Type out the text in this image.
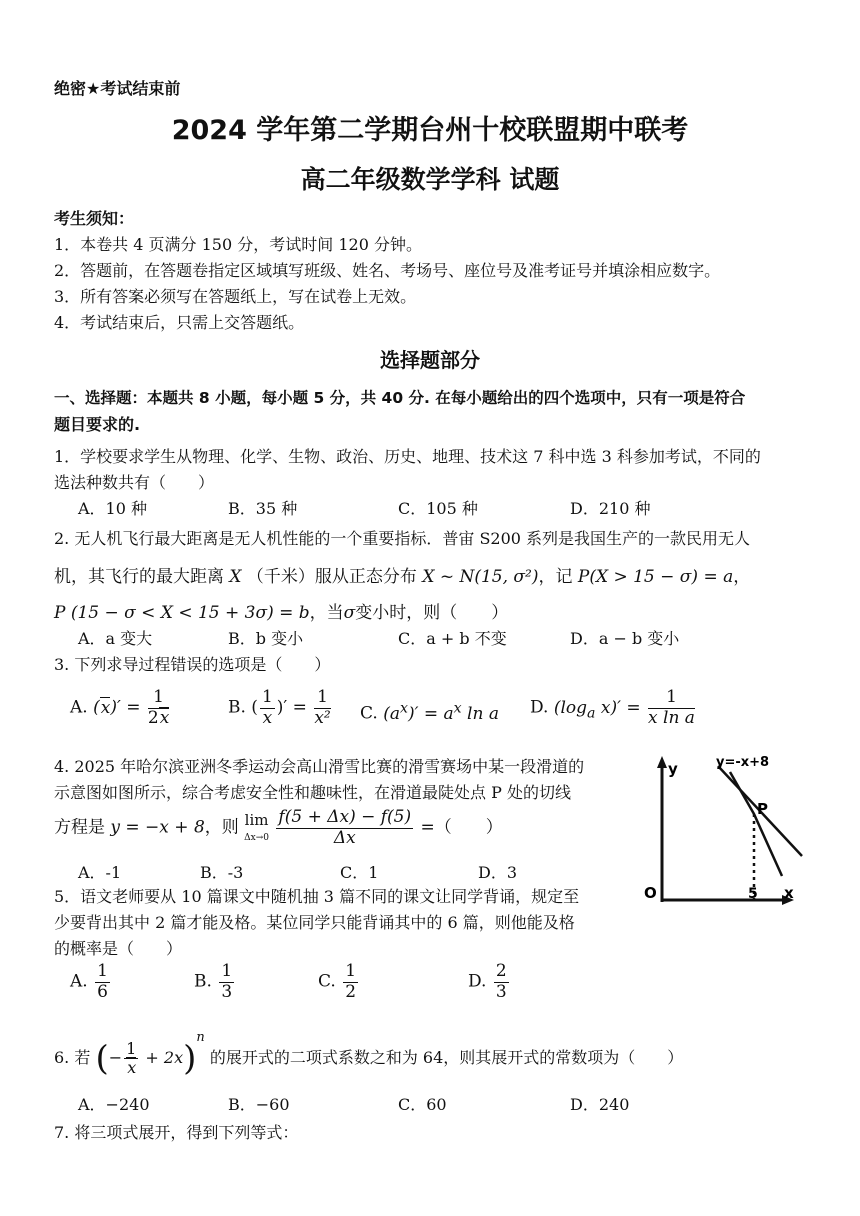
绝密★考试结束前
2024 学年第二学期台州十校联盟期中联考
高二年级数学学科 试题
考生须知：
1．本卷共 4 页满分 150 分，考试时间 120 分钟。
2．答题前，在答题卷指定区域填写班级、姓名、考场号、座位号及准考证号并填涂相应数字。
3．所有答案必须写在答题纸上，写在试卷上无效。
4．考试结束后，只需上交答题纸。
选择题部分
一、选择题：本题共 8 小题，每小题 5 分，共 40 分. 在每小题给出的四个选项中，只有一项是符合
题目要求的.
1．学校要求学生从物理、化学、生物、政治、历史、地理、技术这 7 科中选 3 科参加考试，不同的
选法种数共有（　　）
A．10 种	B．35 种	C．105 种	D．210 种
2. 无人机飞行最大距离是无人机性能的一个重要指标．普宙 S200 系列是我国生产的一款民用无人
机，其飞行的最大距离 X （千米）服从正态分布 X ~ N(15, σ²)，记 P(X > 15 − σ) = a，
P (15 − σ < X < 15 + 3σ) = b，当σ变小时，则（　　）
A．a 变大	B．b 变小	C．a + b 不变	D．a − b 变小
3. 下列求导过程错误的选项是（　　）
A. $(x)' = \frac{1}{2x}$	B. ( $\frac{1}{x}$ )′ = $\frac{1}{\text{x²}} C$. $(a^x)' = a^x$ ln a D. ($\log_a$ $x)' = \frac{1}{\text{x ln a}}$
4. 2025 年哈尔滨亚洲冬季运动会高山滑雪比赛的滑雪赛场中某一段滑道的
示意图如图所示，综合考虑安全性和趣味性，在滑道最陡处点 P 处的切线
方程是 y = −x + 8，则 lim
$\Delta x\to 0 \frac{f(5 + \Delta x) - f(5)}{\Delta x}$ =（　　）
A．-1	B．-3	C．1	D．3
y	y=-x+8
P
O	5 x
5．语文老师要从 10 篇课文中随机抽 3 篇不同的课文让同学背诵，规定至
少要背出其中 2 篇才能及格。某位同学只能背诵其中的 6 篇，则他能及格
的概率是（　　）
A. $\frac{1}{6}$	B. $\frac{1}{3}$	C. $\frac{1}{2}$	D. $\frac{2}{3}$
6. 若 (− $\frac{1}{x} + 2x)^n$ 的展开式的二项式系数之和为 64，则其展开式的常数项为（　　）
A．−240	B．−60	C．60	D．240
7. 将三项式展开，得到下列等式：
